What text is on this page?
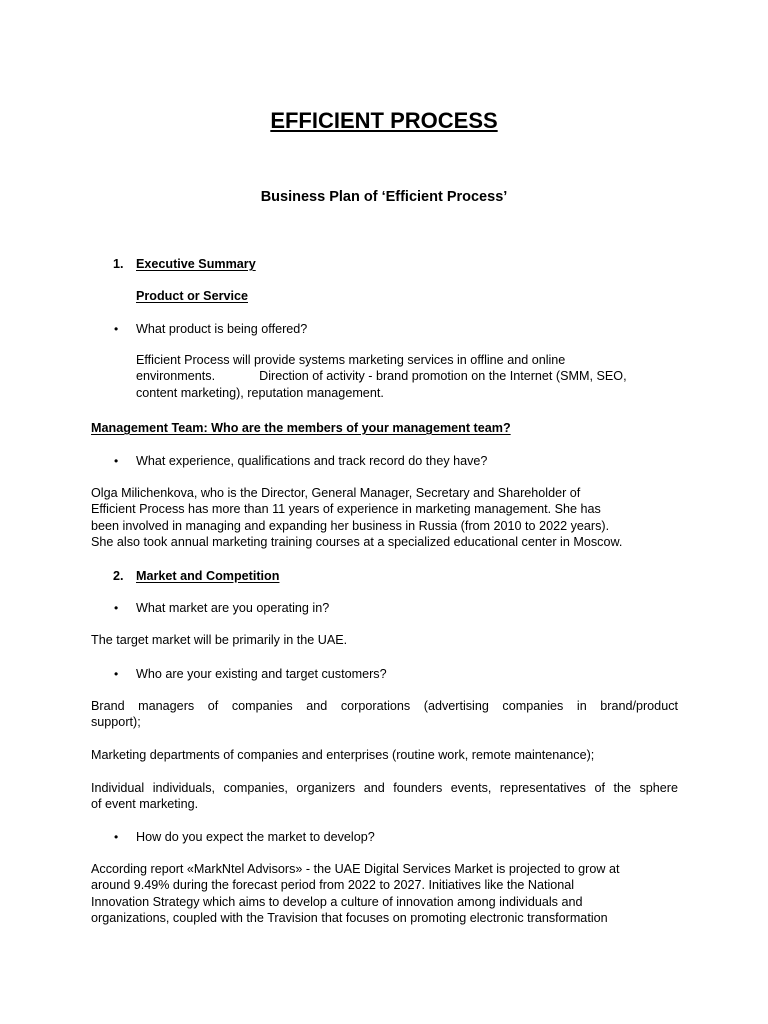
EFFICIENT PROCESS
Business Plan of ‘Efficient Process’
1. Executive Summary
Product or Service
• What product is being offered?
Efficient Process will provide systems marketing services in offline and online
environments.	Direction of activity - brand promotion on the Internet (SMM, SEO,
content marketing), reputation management.
Management Team: Who are the members of your management team?
• What experience, qualifications and track record do they have?
Olga Milichenkova, who is the Director, General Manager, Secretary and Shareholder of
Efficient Process has more than 11 years of experience in marketing management. She has
been involved in managing and expanding her business in Russia (from 2010 to 2022 years).
She also took annual marketing training courses at a specialized educational center in Moscow.
2. Market and Competition
• What market are you operating in?
The target market will be primarily in the UAE.
• Who are your existing and target customers?
Brand managers of companies and corporations (advertising companies in brand/product
support);
Marketing departments of companies and enterprises (routine work, remote maintenance);
Individual individuals, companies, organizers and founders events, representatives of the sphere
of event marketing.
• How do you expect the market to develop?
According report «MarkNtel Advisors» - the UAE Digital Services Market is projected to grow at
around 9.49% during the forecast period from 2022 to 2027. Initiatives like the National
Innovation Strategy which aims to develop a culture of innovation among individuals and
organizations, coupled with the Travision that focuses on promoting electronic transformation
